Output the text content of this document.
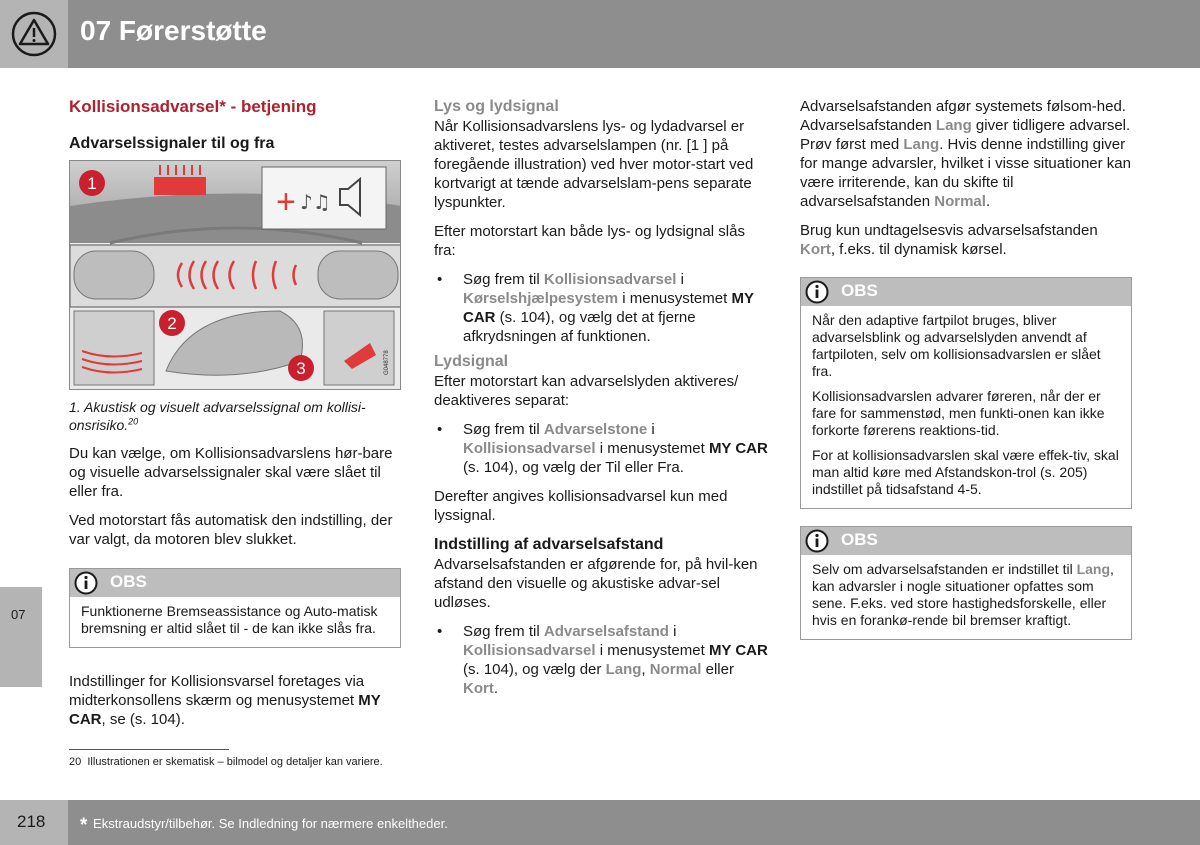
07 Førerstøtte
07
Kollisionsadvarsel* - betjening
Advarselssignaler til og fra
+ ♪♫
1
2
3	G048778

1. Akustisk og visuelt advarselssignal om kollisi-onsrisiko.$^{20}$

Du kan vælge, om Kollisionsadvarslens hør-bare og visuelle advarselssignaler skal være slået til eller fra.

Ved motorstart fås automatisk den indstilling, der var valgt, da motoren blev slukket.

OBS
Funktionerne Bremseassistance og Auto-matisk bremsning er altid slået til - de kan ikke slås fra.

Indstillinger for Kollisionsvarsel foretages via midterkonsollens skærm og menusystemet MY CAR, se (s. 104).

Lys og lydsignal

Når Kollisionsadvarslens lys- og lydadvarsel er aktiveret, testes advarselslampen (nr. [1 ] på foregående illustration) ved hver motor-start ved kortvarigt at tænde advarselslam-pens separate lyspunkter.

Efter motorstart kan både lys- og lydsignal slås fra:

• Søg frem til Kollisionsadvarsel i Kørselshjælpesystem i menusystemet MY CAR (s. 104), og vælg det at fjerne afkrydsningen af funktionen.
Lydsignal

Efter motorstart kan advarselslyden aktiveres/ deaktiveres separat:

• Søg frem til Advarselstone i Kollisionsadvarsel i menusystemet MY CAR (s. 104), og vælg der Til eller Fra.

Derefter angives kollisionsadvarsel kun med lyssignal.

Indstilling af advarselsafstand

Advarselsafstanden er afgørende for, på hvil-ken afstand den visuelle og akustiske advar-sel udløses.

• Søg frem til Advarselsafstand i Kollisionsadvarsel i menusystemet MY CAR (s. 104), og vælg der Lang, Normal eller Kort.

Advarselsafstanden afgør systemets følsom-hed. Advarselsafstanden Lang giver tidligere advarsel. Prøv først med Lang. Hvis denne indstilling giver for mange advarsler, hvilket i visse situationer kan være irriterende, kan du skifte til advarselsafstanden Normal.

Brug kun undtagelsesvis advarselsafstanden Kort, f.eks. til dynamisk kørsel.

OBS

Når den adaptive fartpilot bruges, bliver advarselsblink og advarselslyden anvendt af fartpiloten, selv om kollisionsadvarslen er slået fra.

Kollisionsadvarslen advarer føreren, når der er fare for sammenstød, men funkti-onen kan ikke forkorte førerens reaktions-tid.

For at kollisionsadvarslen skal være effek-tiv, skal man altid køre med Afstandskon-trol (s. 205) indstillet på tidsafstand 4-5.

OBS
Selv om advarselsafstanden er indstillet til Lang, kan advarsler i nogle situationer opfattes som sene. F.eks. ved store hastighedsforskelle, eller hvis en forankø-rende bil bremser kraftigt.
20 Illustrationen er skematisk – bilmodel og detaljer kan variere.
218 * Ekstraudstyr/tilbehør. Se Indledning for nærmere enkeltheder.
